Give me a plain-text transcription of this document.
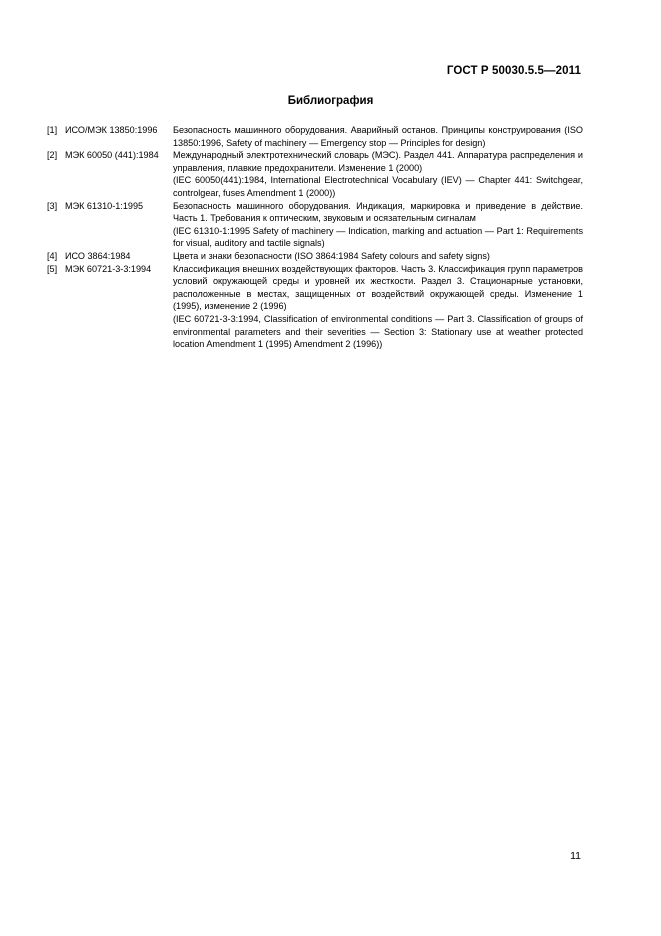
ГОСТ Р 50030.5.5—2011
Библиография
[1] ИСО/МЭК 13850:1996	Безопасность машинного оборудования. Аварийный останов. Принципы конструирования (ISO 13850:1996, Safety of machinery — Emergency stop — Principles for design)

[2] МЭК 60050 (441):1984	Международный электротехнический словарь (МЭС). Раздел 441. Аппаратура распределения и управления, плавкие предохранители. Изменение 1 (2000)

(IEC 60050(441):1984, International Electrotechnical Vocabulary (IEV) — Chapter 441: Switchgear, controlgear, fuses Amendment 1 (2000))

[3] МЭК 61310-1:1995	Безопасность машинного оборудования. Индикация, маркировка и приведение в действие. Часть 1. Требования к оптическим, звуковым и осязательным сигналам

(IEC 61310-1:1995 Safety of machinery — Indication, marking and actuation — Part 1: Requirements for visual, auditory and tactile signals)

[4] ИСО 3864:1984	Цвета и знаки безопасности (ISO 3864:1984 Safety colours and safety signs)

[5] МЭК 60721-3-3:1994	Классификация внешних воздействующих факторов. Часть 3. Классификация групп параметров условий окружающей среды и уровней их жесткости. Раздел 3. Стационарные установки, расположенные в местах, защищенных от воздействий окружающей среды. Изменение 1 (1995), изменение 2 (1996)

(IEC 60721-3-3:1994, Classification of environmental conditions — Part 3. Classification of groups of environmental parameters and their severities — Section 3: Stationary use at weather protected location Amendment 1 (1995) Amendment 2 (1996))

11
